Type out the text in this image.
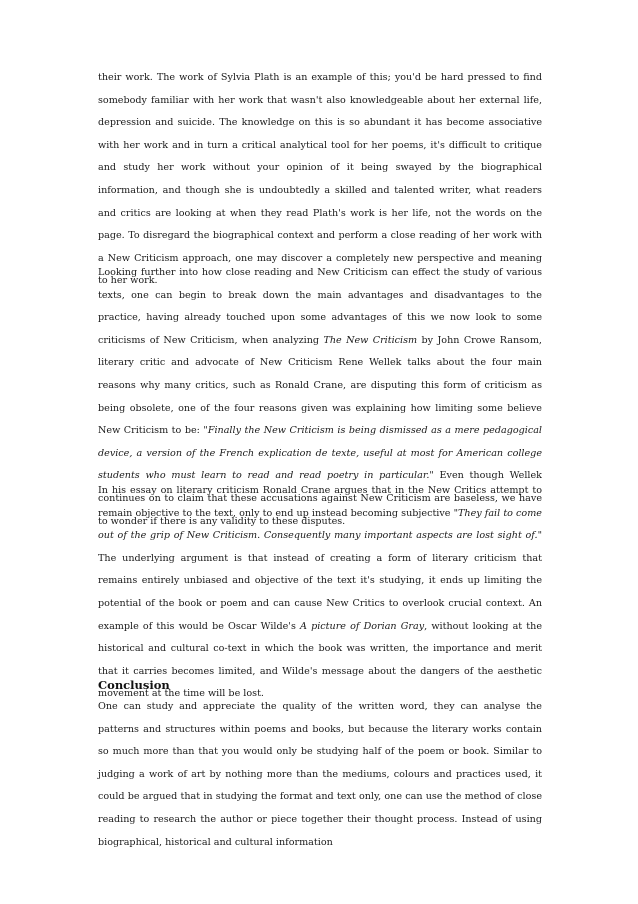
their work. The work of Sylvia Plath is an example of this; you'd be hard pressed to find somebody familiar with her work that wasn't also knowledgeable about her external life, depression and suicide. The knowledge on this is so abundant it has become associative with her work and in turn a critical analytical tool for her poems, it's difficult to critique and study her work without your opinion of it being swayed by the biographical information, and though she is undoubtedly a skilled and talented writer, what readers and critics are looking at when they read Plath's work is her life, not the words on the page. To disregard the biographical context and perform a close reading of her work with a New Criticism approach, one may discover a completely new perspective and meaning to her work.

Looking further into how close reading and New Criticism can effect the study of various texts, one can begin to break down the main advantages and disadvantages to the practice, having already touched upon some advantages of this we now look to some criticisms of New Criticism, when analyzing The New Criticism by John Crowe Ransom, literary critic and advocate of New Criticism Rene Wellek talks about the four main reasons why many critics, such as Ronald Crane, are disputing this form of criticism as being obsolete, one of the four reasons given was explaining how limiting some believe New Criticism to be: "Finally the New Criticism is being dismissed as a mere pedagogical device, a version of the French explication de texte, useful at most for American college students who must learn to read and read poetry in particular." Even though Wellek continues on to claim that these accusations against New Criticism are baseless, we have to wonder if there is any validity to these disputes.

In his essay on literary criticism Ronald Crane argues that in the New Critics attempt to remain objective to the text, only to end up instead becoming subjective "They fail to come out of the grip of New Criticism. Consequently many important aspects are lost sight of." The underlying argument is that instead of creating a form of literary criticism that remains entirely unbiased and objective of the text it's studying, it ends up limiting the potential of the book or poem and can cause New Critics to overlook crucial context. An example of this would be Oscar Wilde's A picture of Dorian Gray, without looking at the historical and cultural co-text in which the book was written, the importance and merit that it carries becomes limited, and Wilde's message about the dangers of the aesthetic movement at the time will be lost.

Conclusion

One can study and appreciate the quality of the written word, they can analyse the patterns and structures within poems and books, but because the literary works contain so much more than that you would only be studying half of the poem or book. Similar to judging a work of art by nothing more than the mediums, colours and practices used, it could be argued that in studying the format and text only, one can use the method of close reading to research the author or piece together their thought process. Instead of using biographical, historical and cultural information
